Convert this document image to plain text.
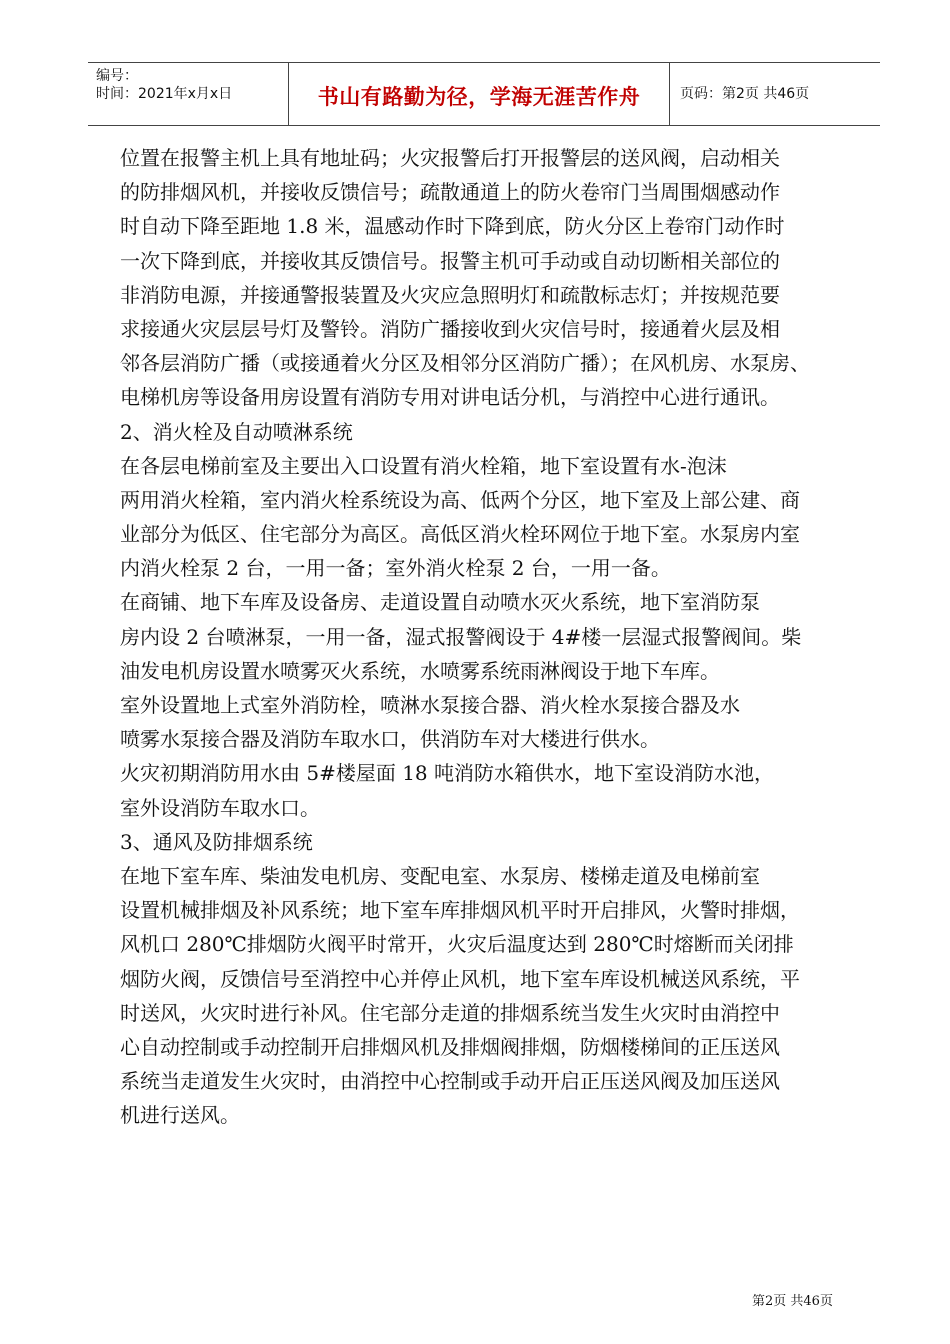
编号：
时间：2021年x月x日	书山有路勤为径，学海无涯苦作舟	页码：第2页 共46页
位置在报警主机上具有地址码；火灾报警后打开报警层的送风阀，启动相关
的防排烟风机，并接收反馈信号；疏散通道上的防火卷帘门当周围烟感动作
时自动下降至距地 1.8 米，温感动作时下降到底，防火分区上卷帘门动作时
一次下降到底，并接收其反馈信号。报警主机可手动或自动切断相关部位的
非消防电源，并接通警报装置及火灾应急照明灯和疏散标志灯；并按规范要
求接通火灾层层号灯及警铃。消防广播接收到火灾信号时，接通着火层及相
邻各层消防广播（或接通着火分区及相邻分区消防广播）；在风机房、水泵房、
电梯机房等设备用房设置有消防专用对讲电话分机，与消控中心进行通讯。
2、消火栓及自动喷淋系统
在各层电梯前室及主要出入口设置有消火栓箱，地下室设置有水-泡沫
两用消火栓箱，室内消火栓系统设为高、低两个分区，地下室及上部公建、商
业部分为低区、住宅部分为高区。高低区消火栓环网位于地下室。水泵房内室
内消火栓泵 2 台，一用一备；室外消火栓泵 2 台，一用一备。
在商铺、地下车库及设备房、走道设置自动喷水灭火系统，地下室消防泵
房内设 2 台喷淋泵，一用一备，湿式报警阀设于 4#楼一层湿式报警阀间。柴
油发电机房设置水喷雾灭火系统，水喷雾系统雨淋阀设于地下车库。
室外设置地上式室外消防栓，喷淋水泵接合器、消火栓水泵接合器及水
喷雾水泵接合器及消防车取水口，供消防车对大楼进行供水。
火灾初期消防用水由 5#楼屋面 18 吨消防水箱供水，地下室设消防水池，
室外设消防车取水口。
3、通风及防排烟系统
在地下室车库、柴油发电机房、变配电室、水泵房、楼梯走道及电梯前室
设置机械排烟及补风系统；地下室车库排烟风机平时开启排风，火警时排烟，
风机口 280℃排烟防火阀平时常开，火灾后温度达到 280℃时熔断而关闭排
烟防火阀，反馈信号至消控中心并停止风机，地下室车库设机械送风系统，平
时送风，火灾时进行补风。住宅部分走道的排烟系统当发生火灾时由消控中
心自动控制或手动控制开启排烟风机及排烟阀排烟，防烟楼梯间的正压送风
系统当走道发生火灾时，由消控中心控制或手动开启正压送风阀及加压送风
机进行送风。
第2页 共46页
